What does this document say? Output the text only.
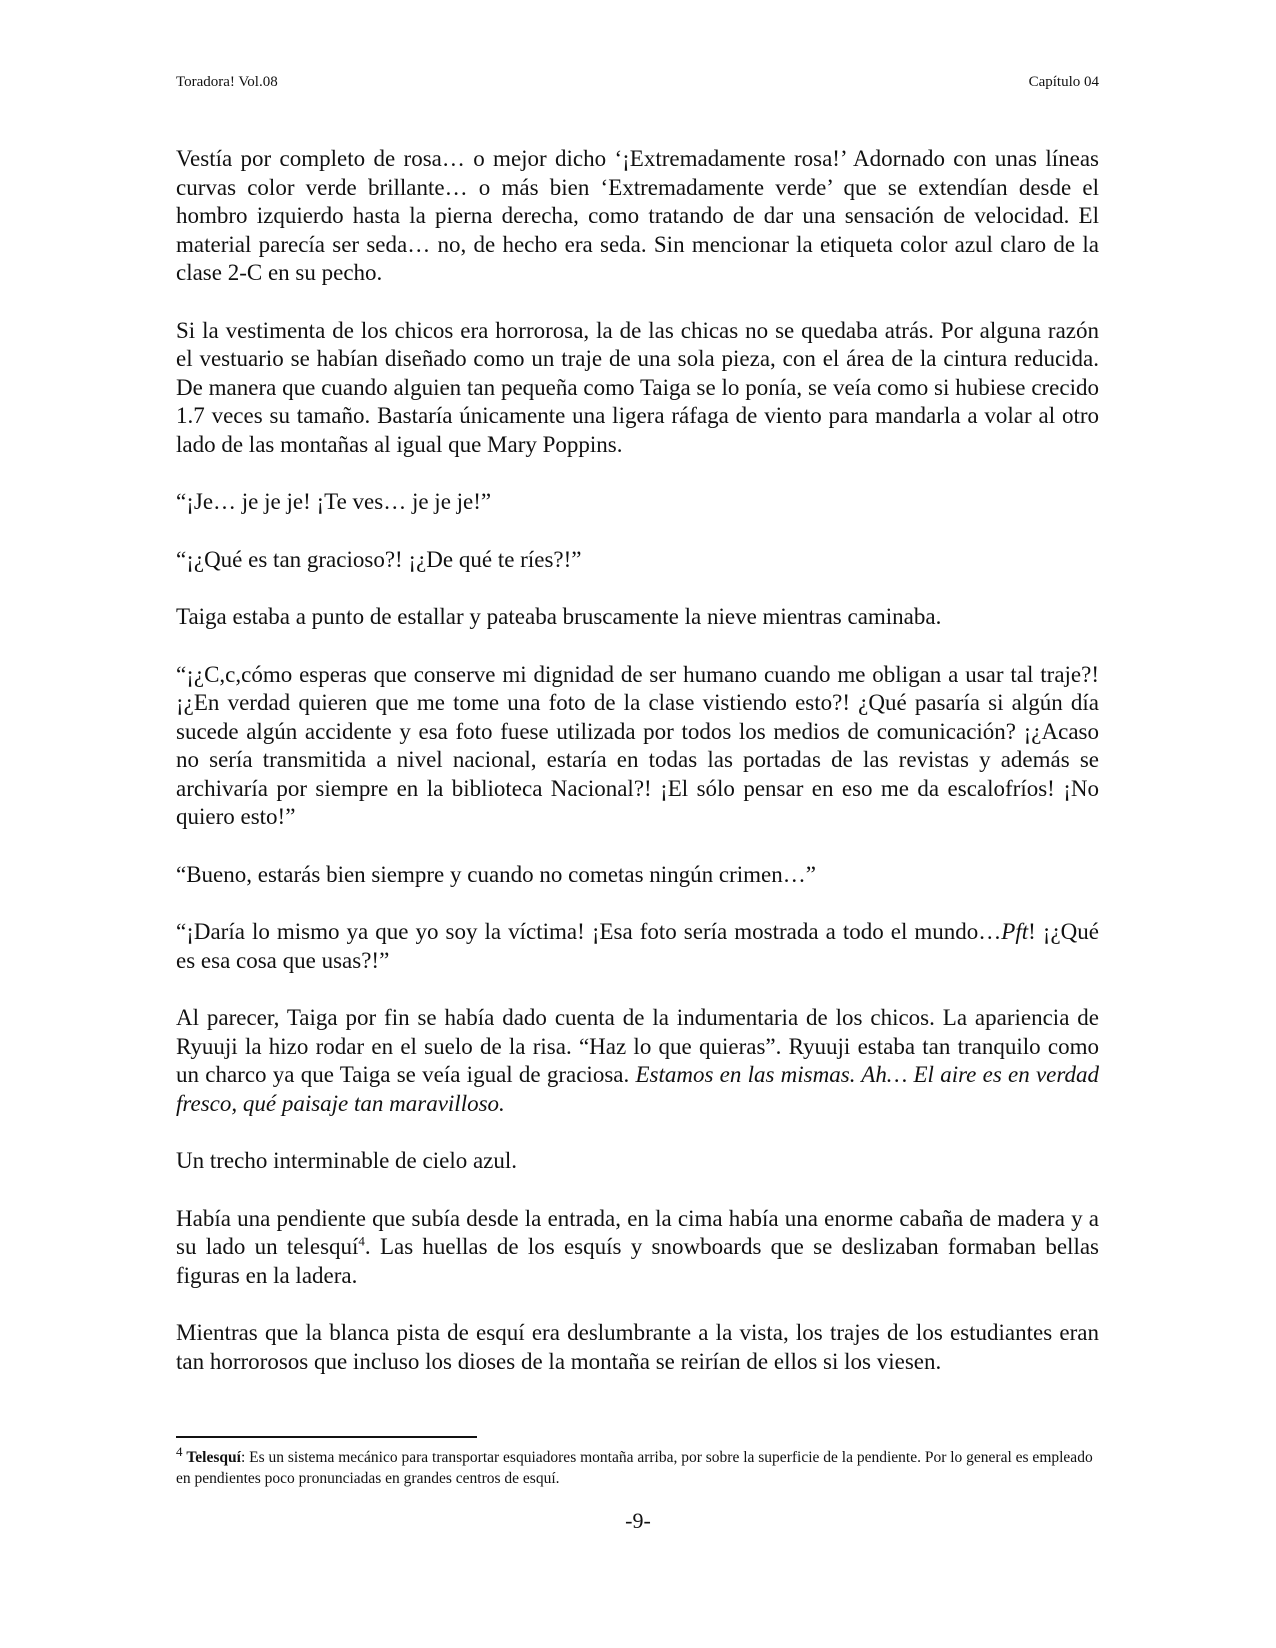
Toradora! Vol.08	Capítulo 04

Vestía por completo de rosa… o mejor dicho ‘¡Extremadamente rosa!’ Adornado con unas líneas curvas color verde brillante… o más bien ‘Extremadamente verde’ que se extendían desde el hombro izquierdo hasta la pierna derecha, como tratando de dar una sensación de velocidad. El material parecía ser seda… no, de hecho era seda. Sin mencionar la etiqueta color azul claro de la clase 2-C en su pecho.

Si la vestimenta de los chicos era horrorosa, la de las chicas no se quedaba atrás. Por alguna razón el vestuario se habían diseñado como un traje de una sola pieza, con el área de la cintura reducida. De manera que cuando alguien tan pequeña como Taiga se lo ponía, se veía como si hubiese crecido 1.7 veces su tamaño. Bastaría únicamente una ligera ráfaga de viento para mandarla a volar al otro lado de las montañas al igual que Mary Poppins.

“¡Je… je je je! ¡Te ves… je je je!”

“¡¿Qué es tan gracioso?! ¡¿De qué te ríes?!”

Taiga estaba a punto de estallar y pateaba bruscamente la nieve mientras caminaba.

“¡¿C,c,cómo esperas que conserve mi dignidad de ser humano cuando me obligan a usar tal traje?! ¡¿En verdad quieren que me tome una foto de la clase vistiendo esto?! ¿Qué pasaría si algún día sucede algún accidente y esa foto fuese utilizada por todos los medios de comunicación? ¡¿Acaso no sería transmitida a nivel nacional, estaría en todas las portadas de las revistas y además se archivaría por siempre en la biblioteca Nacional?! ¡El sólo pensar en eso me da escalofríos! ¡No quiero esto!”

“Bueno, estarás bien siempre y cuando no cometas ningún crimen…”

“¡Daría lo mismo ya que yo soy la víctima! ¡Esa foto sería mostrada a todo el mundo…Pft! ¡¿Qué es esa cosa que usas?!”

Al parecer, Taiga por fin se había dado cuenta de la indumentaria de los chicos. La apariencia de Ryuuji la hizo rodar en el suelo de la risa. “Haz lo que quieras”. Ryuuji estaba tan tranquilo como un charco ya que Taiga se veía igual de graciosa. Estamos en las mismas. Ah… El aire es en verdad fresco, qué paisaje tan maravilloso.

Un trecho interminable de cielo azul.

Había una pendiente que subía desde la entrada, en la cima había una enorme cabaña de madera y a su lado un telesquí$^4$. Las huellas de los esquís y snowboards que se deslizaban formaban bellas figuras en la ladera.

Mientras que la blanca pista de esquí era deslumbrante a la vista, los trajes de los estudiantes eran tan horrorosos que incluso los dioses de la montaña se reirían de ellos si los viesen.

$^4$ Telesquí: Es un sistema mecánico para transportar esquiadores montaña arriba, por sobre la superficie de la pendiente. Por lo general es empleado en pendientes poco pronunciadas en grandes centros de esquí.

-9-
